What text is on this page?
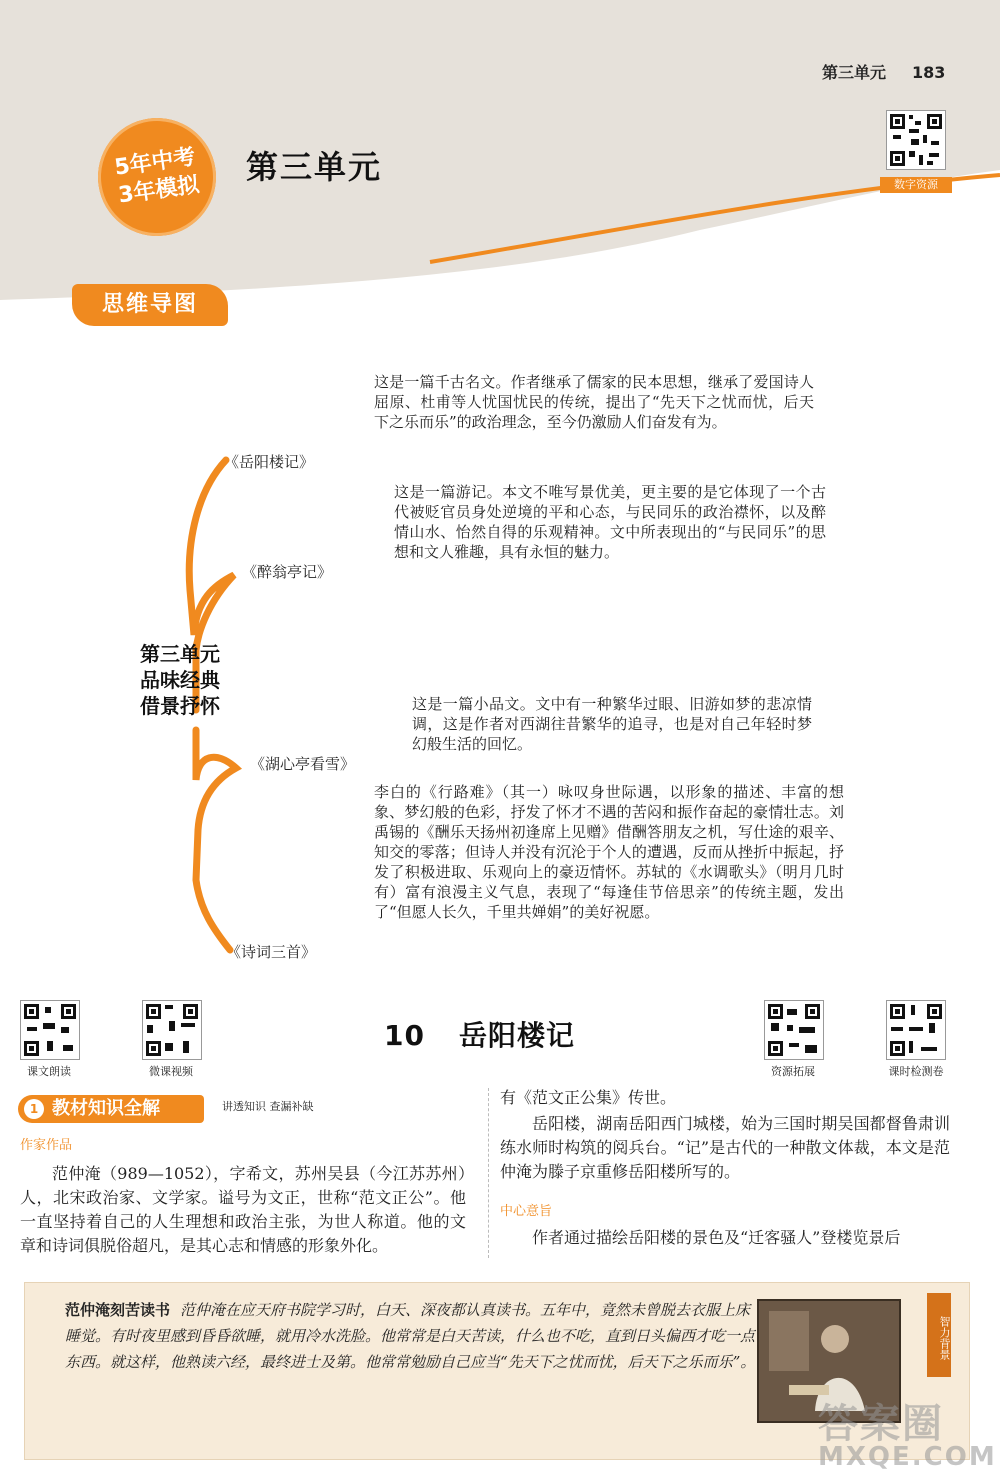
第三单元 183
5年中考
3年模拟
第三单元	数字资源
思维导图
第三单元
品味经典
借景抒怀
《岳阳楼记》
这是一篇千古名文。作者继承了儒家的民本思想，继承了爱国诗人屈原、杜甫等人忧国忧民的传统，提出了“先天下之忧而忧，后天下之乐而乐”的政治理念，至今仍激励人们奋发有为。
《醉翁亭记》
这是一篇游记。本文不唯写景优美，更主要的是它体现了一个古代被贬官员身处逆境的平和心态，与民同乐的政治襟怀，以及醉情山水、怡然自得的乐观精神。文中所表现出的“与民同乐”的思想和文人雅趣，具有永恒的魅力。
《湖心亭看雪》
这是一篇小品文。文中有一种繁华过眼、旧游如梦的悲凉情调，这是作者对西湖往昔繁华的追寻，也是对自己年轻时梦幻般生活的回忆。
《诗词三首》
李白的《行路难》（其一）咏叹身世际遇，以形象的描述、丰富的想象、梦幻般的色彩，抒发了怀才不遇的苦闷和振作奋起的豪情壮志。刘禹锡的《酬乐天扬州初逢席上见赠》借酬答朋友之机，写仕途的艰辛、知交的零落；但诗人并没有沉沦于个人的遭遇，反而从挫折中振起，抒发了积极进取、乐观向上的豪迈情怀。苏轼的《水调歌头》（明月几时有）富有浪漫主义气息，表现了“每逢佳节倍思亲”的传统主题，发出了“但愿人长久，千里共婵娟”的美好祝愿。
课文朗读	微课视频
10 岳阳楼记
资源拓展	课时检测卷
1 教材知识全解	讲透知识 查漏补缺
作家作品
范仲淹（989—1052），字希文，苏州吴县（今江苏苏州）人，北宋政治家、文学家。谥号为文正，世称“范文正公”。他一直坚持着自己的人生理想和政治主张，为世人称道。他的文章和诗词俱脱俗超凡，是其心志和情感的形象外化。
有《范文正公集》传世。
岳阳楼，湖南岳阳西门城楼，始为三国时期吴国都督鲁肃训练水师时构筑的阅兵台。“记”是古代的一种散文体裁，本文是范仲淹为滕子京重修岳阳楼所写的。
中心意旨
作者通过描绘岳阳楼的景色及“迁客骚人”登楼览景后
范仲淹刻苦读书 范仲淹在应天府书院学习时，白天、深夜都认真读书。五年中，竟然未曾脱去衣服上床睡觉。有时夜里感到昏昏欲睡，就用冷水洗脸。他常常是白天苦读，什么也不吃，直到日头偏西才吃一点东西。就这样，他熟读六经，最终进士及第。他常常勉励自己应当“先天下之忧而忧，后天下之乐而乐”。
智力背景
答案圈
MXQE.COM
